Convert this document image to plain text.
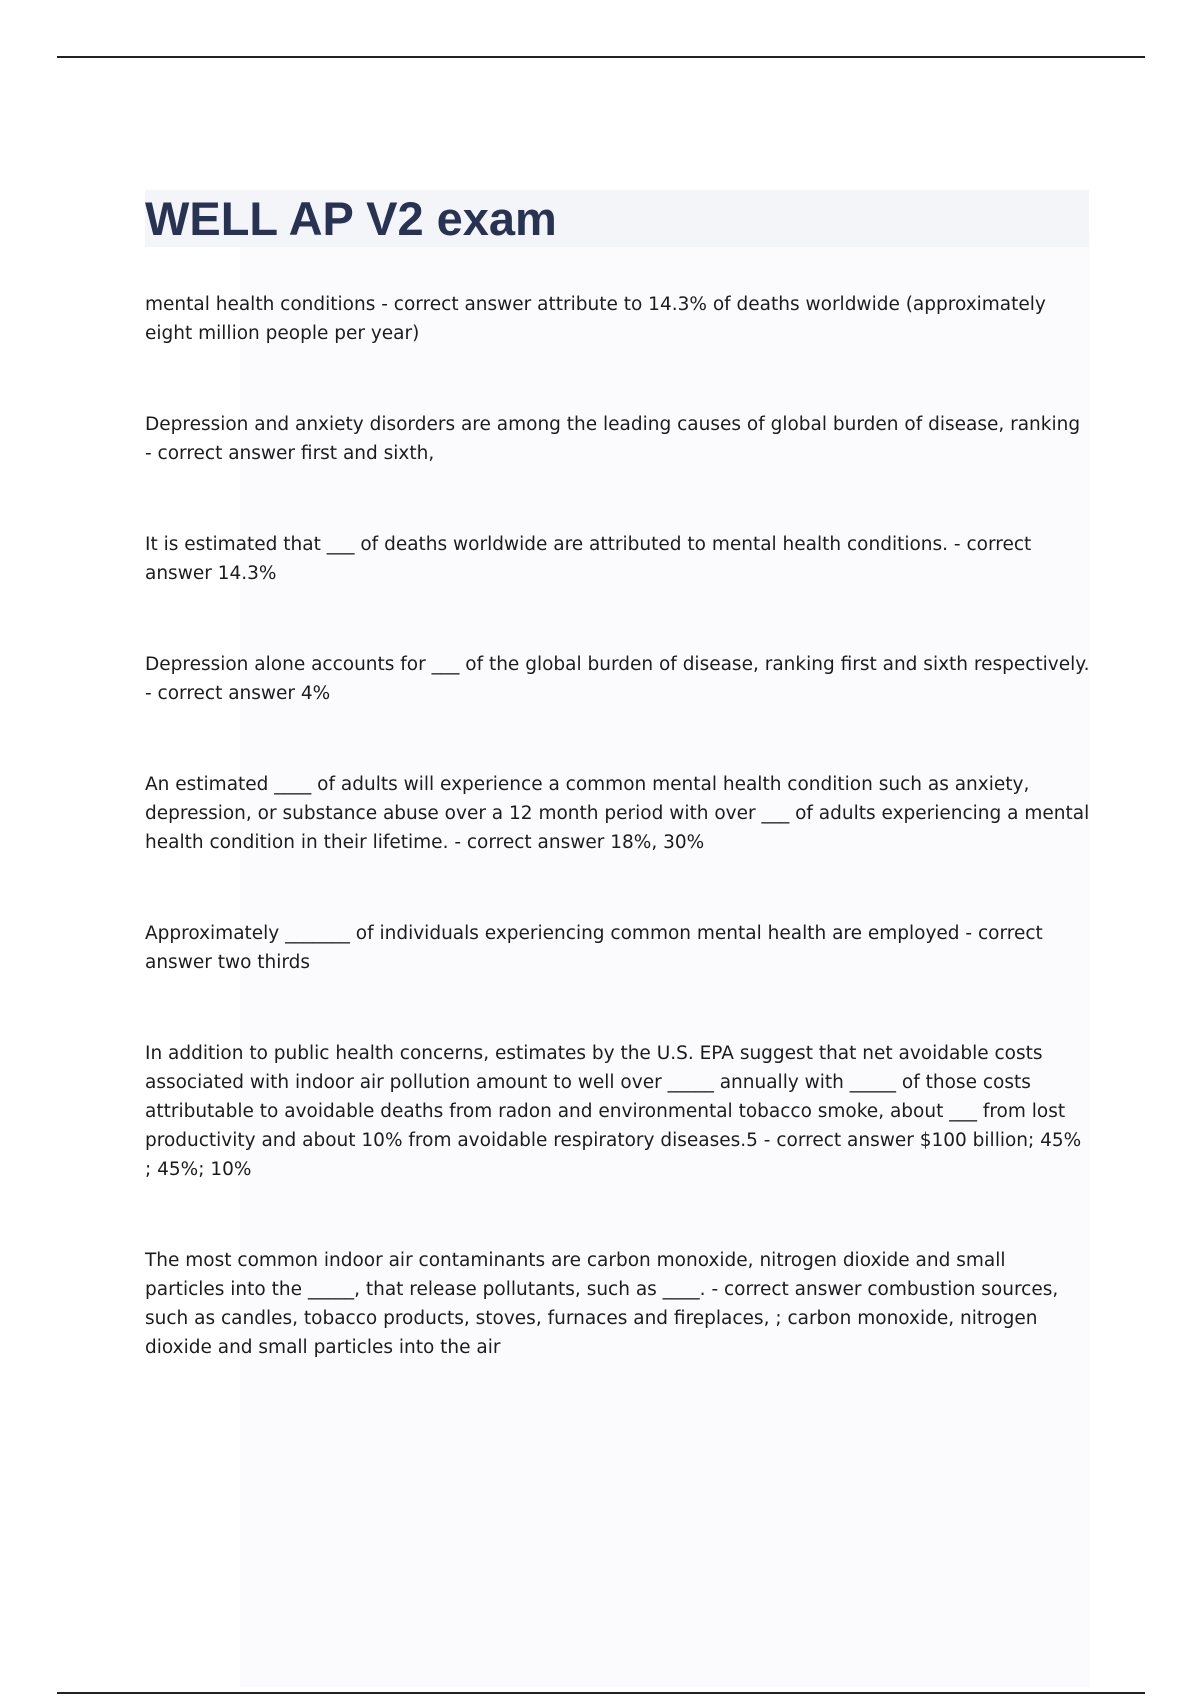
WELL AP V2 exam
mental health conditions - correct answer attribute to 14.3% of deaths worldwide (approximately eight million people per year)
Depression and anxiety disorders are among the leading causes of global burden of disease, ranking - correct answer first and sixth,
It is estimated that ___ of deaths worldwide are attributed to mental health conditions. - correct answer 14.3%
Depression alone accounts for ___ of the global burden of disease, ranking first and sixth respectively. - correct answer 4%
An estimated ____ of adults will experience a common mental health condition such as anxiety, depression, or substance abuse over a 12 month period with over ___ of adults experiencing a mental health condition in their lifetime. - correct answer 18%, 30%
Approximately _______ of individuals experiencing common mental health are employed - correct answer two thirds
In addition to public health concerns, estimates by the U.S. EPA suggest that net avoidable costs associated with indoor air pollution amount to well over _____ annually with _____ of those costs attributable to avoidable deaths from radon and environmental tobacco smoke, about ___ from lost productivity and about 10% from avoidable respiratory diseases.5 - correct answer $100 billion; 45% ; 45%; 10%
The most common indoor air contaminants are carbon monoxide, nitrogen dioxide and small particles into the _____, that release pollutants, such as ____. - correct answer combustion sources, such as candles, tobacco products, stoves, furnaces and fireplaces, ; carbon monoxide, nitrogen dioxide and small particles into the air
